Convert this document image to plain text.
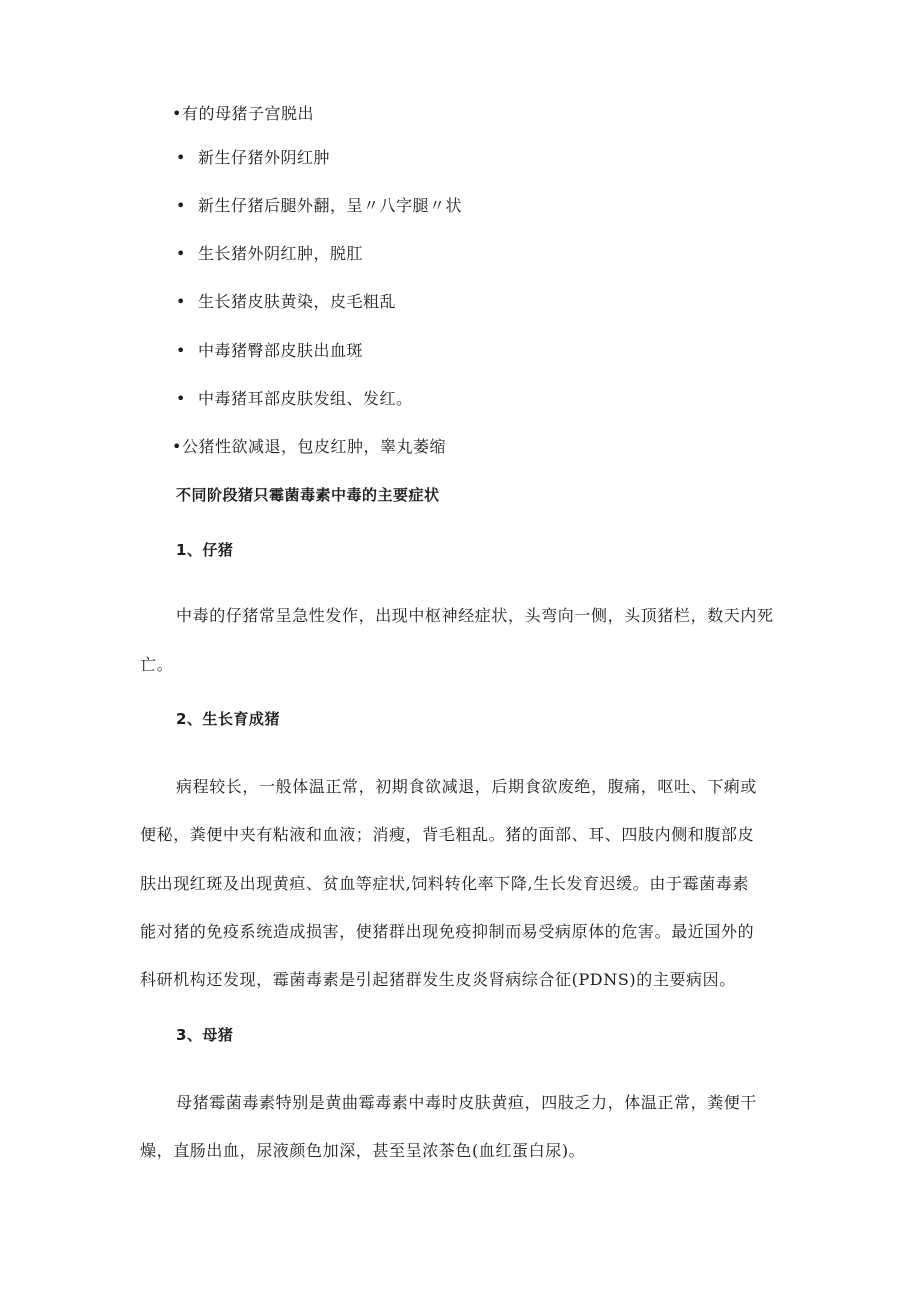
•有的母猪子宫脱出
• 新生仔猪外阴红肿
• 新生仔猪后腿外翻，呈〃八字腿〃状
• 生长猪外阴红肿，脱肛
• 生长猪皮肤黄染，皮毛粗乱
• 中毒猪臀部皮肤出血斑
• 中毒猪耳部皮肤发组、发红。
•公猪性欲减退，包皮红肿，睾丸萎缩
不同阶段猪只霉菌毒素中毒的主要症状
1、仔猪
中毒的仔猪常呈急性发作，出现中枢神经症状，头弯向一侧，头顶猪栏，数天内死
亡。
2、生长育成猪
病程较长，一般体温正常，初期食欲减退，后期食欲废绝，腹痛，呕吐、下痢或
便秘，粪便中夹有粘液和血液；消瘦，背毛粗乱。猪的面部、耳、四肢内侧和腹部皮
肤出现红斑及出现黄疸、贫血等症状,饲料转化率下降,生长发育迟缓。由于霉菌毒素
能对猪的免疫系统造成损害，使猪群出现免疫抑制而易受病原体的危害。最近国外的
科研机构还发现，霉菌毒素是引起猪群发生皮炎肾病综合征(PDNS)的主要病因。
3、母猪
母猪霉菌毒素特别是黄曲霉毒素中毒时皮肤黄疸，四肢乏力，体温正常，粪便干
燥，直肠出血，尿液颜色加深，甚至呈浓茶色(血红蛋白尿)。
